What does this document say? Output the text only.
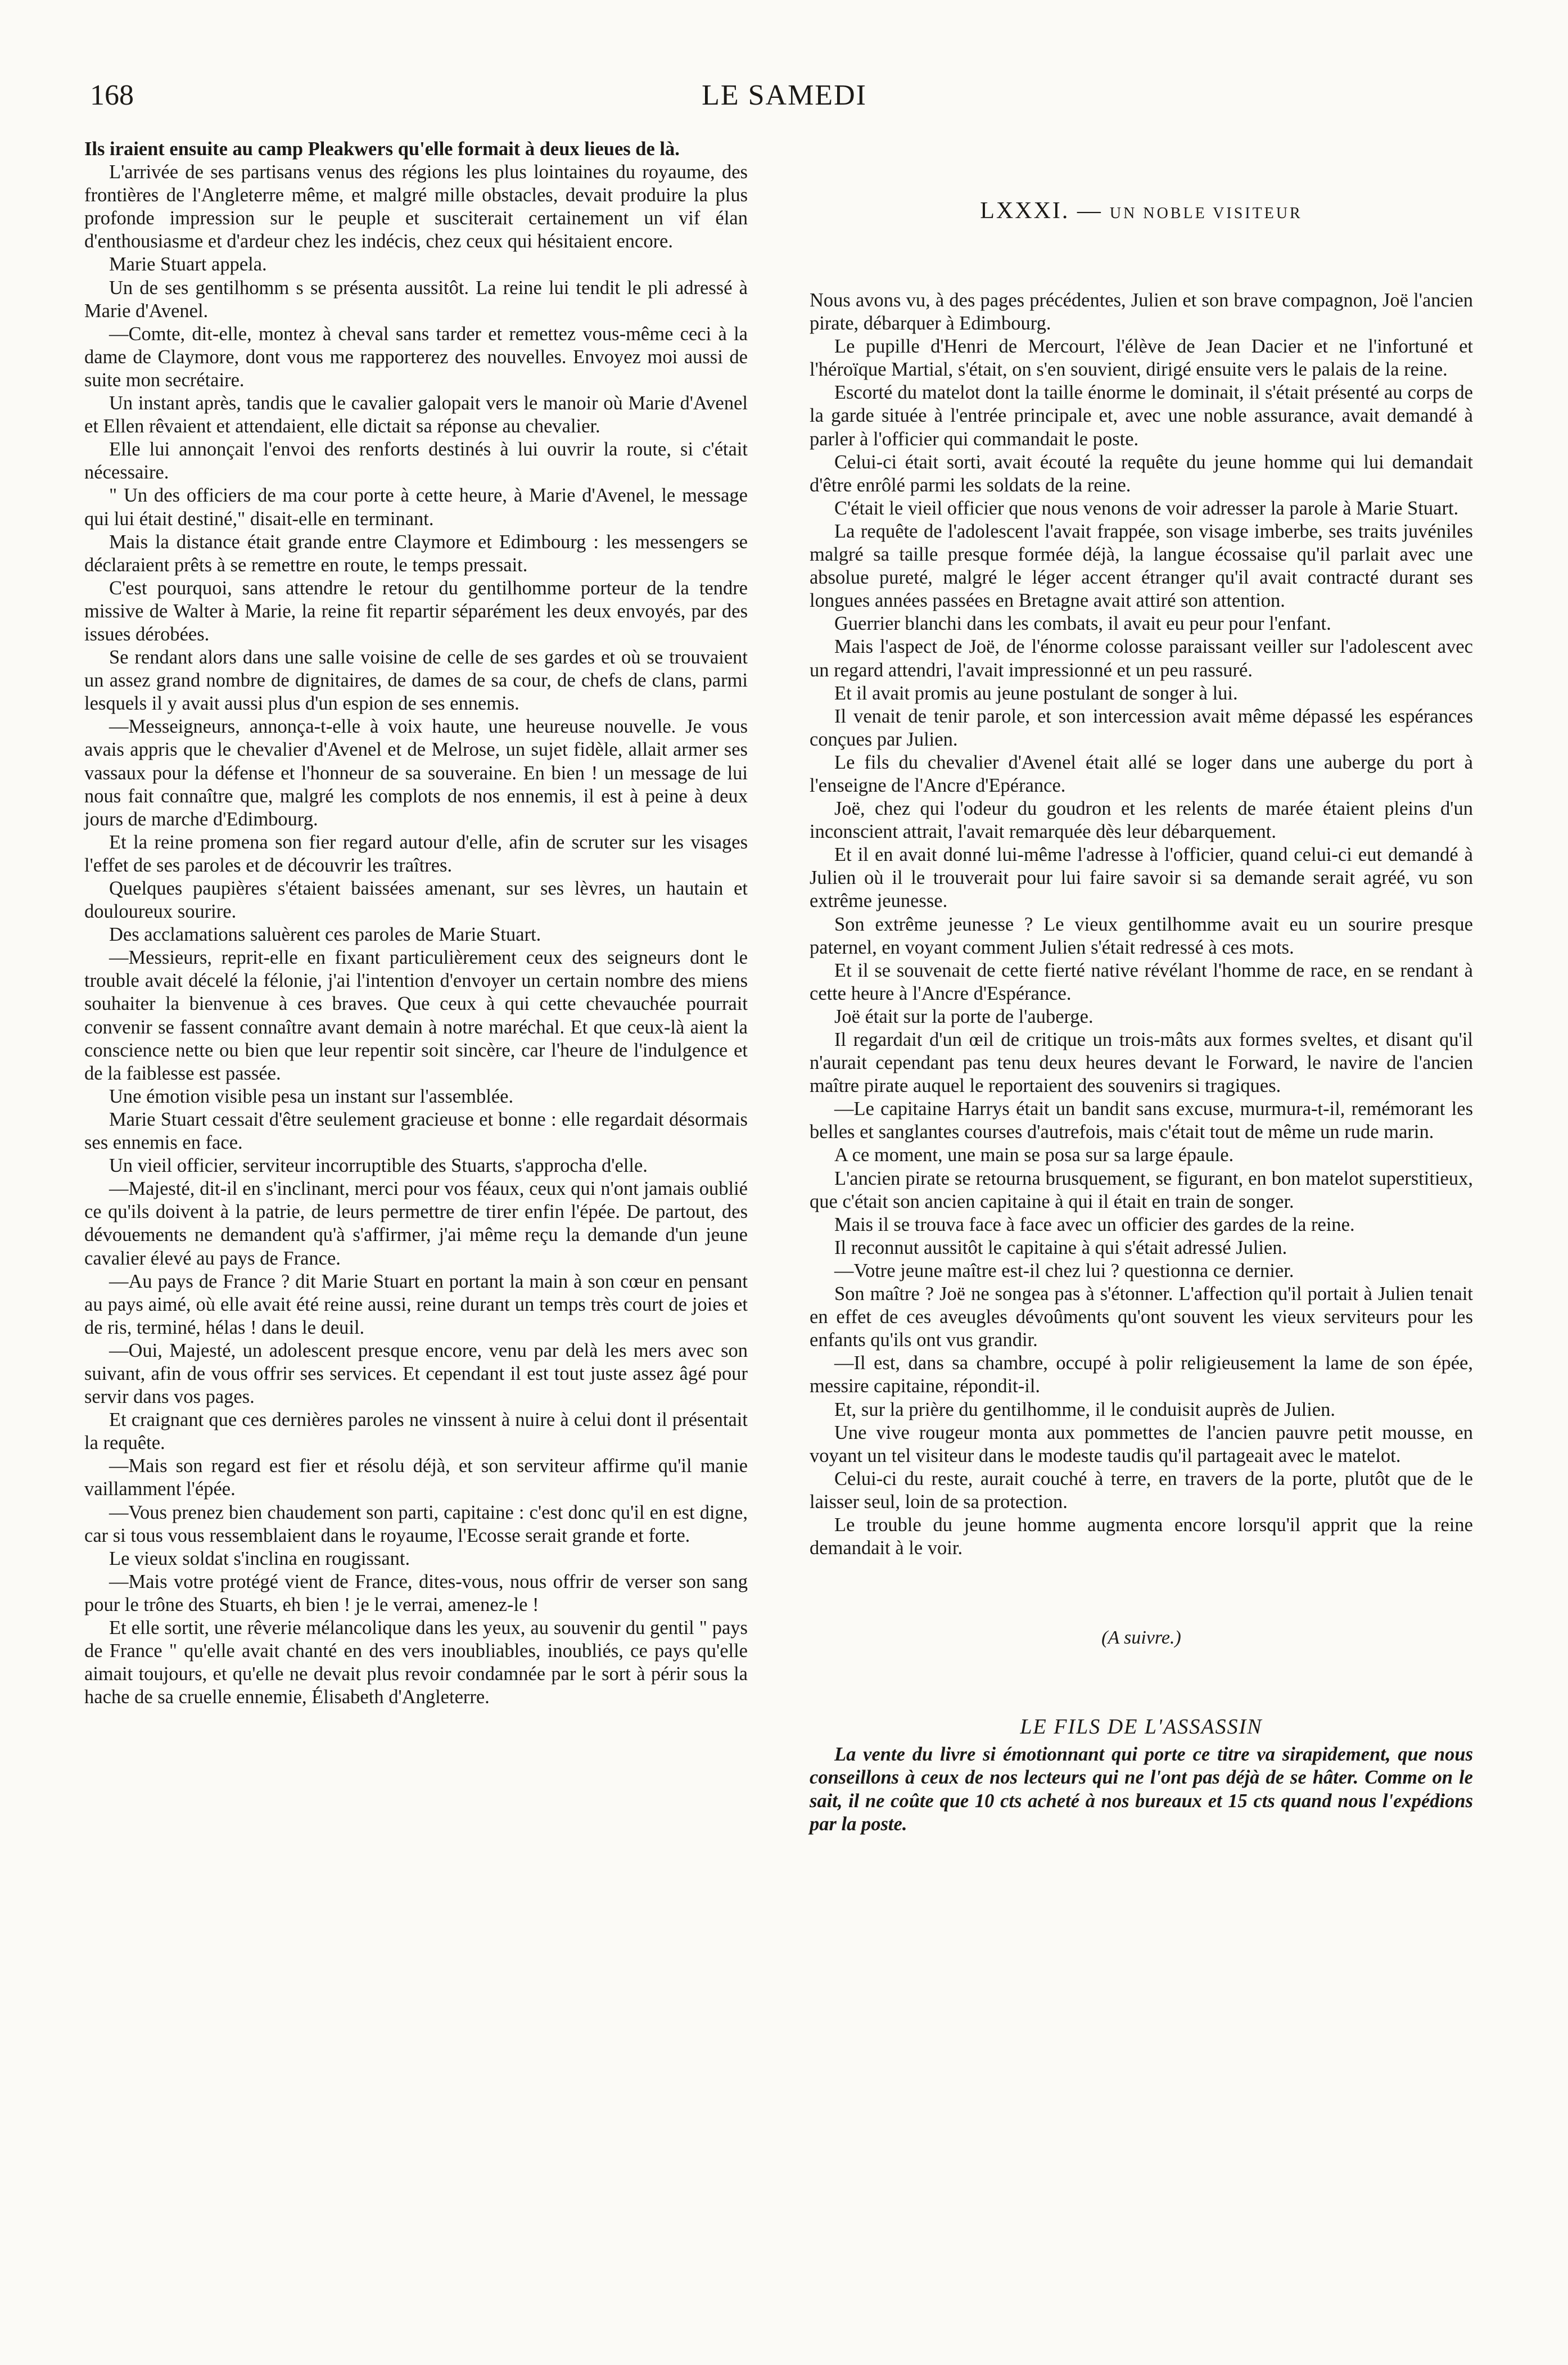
168	LE SAMEDI

Ils iraient ensuite au camp Pleakwers qu'elle formait à deux lieues de là.

L'arrivée de ses partisans venus des régions les plus lointaines du royaume, des frontières de l'Angleterre même, et malgré mille obstacles, devait produire la plus profonde impression sur le peuple et susciterait certainement un vif élan d'enthousiasme et d'ardeur chez les indécis, chez ceux qui hésitaient encore.

Marie Stuart appela.

Un de ses gentilhomm s se présenta aussitôt. La reine lui tendit le pli adressé à Marie d'Avenel.

—Comte, dit-elle, montez à cheval sans tarder et remettez vous-même ceci à la dame de Claymore, dont vous me rapporterez des nouvelles. Envoyez moi aussi de suite mon secrétaire.

Un instant après, tandis que le cavalier galopait vers le manoir où Marie d'Avenel et Ellen rêvaient et attendaient, elle dictait sa réponse au chevalier.

Elle lui annonçait l'envoi des renforts destinés à lui ouvrir la route, si c'était nécessaire.

" Un des officiers de ma cour porte à cette heure, à Marie d'Avenel, le message qui lui était destiné," disait-elle en terminant.

Mais la distance était grande entre Claymore et Edimbourg : les messengers se déclaraient prêts à se remettre en route, le temps pressait.

C'est pourquoi, sans attendre le retour du gentilhomme porteur de la tendre missive de Walter à Marie, la reine fit repartir séparément les deux envoyés, par des issues dérobées.

Se rendant alors dans une salle voisine de celle de ses gardes et où se trouvaient un assez grand nombre de dignitaires, de dames de sa cour, de chefs de clans, parmi lesquels il y avait aussi plus d'un espion de ses ennemis.

—Messeigneurs, annonça-t-elle à voix haute, une heureuse nouvelle. Je vous avais appris que le chevalier d'Avenel et de Melrose, un sujet fidèle, allait armer ses vassaux pour la défense et l'honneur de sa souveraine. En bien ! un message de lui nous fait connaître que, malgré les complots de nos ennemis, il est à peine à deux jours de marche d'Edimbourg.

Et la reine promena son fier regard autour d'elle, afin de scruter sur les visages l'effet de ses paroles et de découvrir les traîtres.

Quelques paupières s'étaient baissées amenant, sur ses lèvres, un hautain et douloureux sourire.

Des acclamations saluèrent ces paroles de Marie Stuart.

—Messieurs, reprit-elle en fixant particulièrement ceux des seigneurs dont le trouble avait décelé la félonie, j'ai l'intention d'envoyer un certain nombre des miens souhaiter la bienvenue à ces braves. Que ceux à qui cette chevauchée pourrait convenir se fassent connaître avant demain à notre maréchal. Et que ceux-là aient la conscience nette ou bien que leur repentir soit sincère, car l'heure de l'indulgence et de la faiblesse est passée.

Une émotion visible pesa un instant sur l'assemblée.

Marie Stuart cessait d'être seulement gracieuse et bonne : elle regardait désormais ses ennemis en face.

Un vieil officier, serviteur incorruptible des Stuarts, s'approcha d'elle.

—Majesté, dit-il en s'inclinant, merci pour vos féaux, ceux qui n'ont jamais oublié ce qu'ils doivent à la patrie, de leurs permettre de tirer enfin l'épée. De partout, des dévouements ne demandent qu'à s'affirmer, j'ai même reçu la demande d'un jeune cavalier élevé au pays de France.

—Au pays de France ? dit Marie Stuart en portant la main à son cœur en pensant au pays aimé, où elle avait été reine aussi, reine durant un temps très court de joies et de ris, terminé, hélas ! dans le deuil.

—Oui, Majesté, un adolescent presque encore, venu par delà les mers avec son suivant, afin de vous offrir ses services. Et cependant il est tout juste assez âgé pour servir dans vos pages.

Et craignant que ces dernières paroles ne vinssent à nuire à celui dont il présentait la requête.

—Mais son regard est fier et résolu déjà, et son serviteur affirme qu'il manie vaillamment l'épée.

—Vous prenez bien chaudement son parti, capitaine : c'est donc qu'il en est digne, car si tous vous ressemblaient dans le royaume, l'Ecosse serait grande et forte.

Le vieux soldat s'inclina en rougissant.

—Mais votre protégé vient de France, dites-vous, nous offrir de verser son sang pour le trône des Stuarts, eh bien ! je le verrai, amenez-le !

Et elle sortit, une rêverie mélancolique dans les yeux, au souvenir du gentil " pays de France " qu'elle avait chanté en des vers inoubliables, inoubliés, ce pays qu'elle aimait toujours, et qu'elle ne devait plus revoir condamnée par le sort à périr sous la hache de sa cruelle ennemie, Élisabeth d'Angleterre.

LXXXI. — UN NOBLE VISITEUR

Nous avons vu, à des pages précédentes, Julien et son brave compagnon, Joë l'ancien pirate, débarquer à Edimbourg.

Le pupille d'Henri de Mercourt, l'élève de Jean Dacier et ne l'infortuné et l'héroïque Martial, s'était, on s'en souvient, dirigé ensuite vers le palais de la reine.

Escorté du matelot dont la taille énorme le dominait, il s'était présenté au corps de la garde située à l'entrée principale et, avec une noble assurance, avait demandé à parler à l'officier qui commandait le poste.

Celui-ci était sorti, avait écouté la requête du jeune homme qui lui demandait d'être enrôlé parmi les soldats de la reine.

C'était le vieil officier que nous venons de voir adresser la parole à Marie Stuart.

La requête de l'adolescent l'avait frappée, son visage imberbe, ses traits juvéniles malgré sa taille presque formée déjà, la langue écossaise qu'il parlait avec une absolue pureté, malgré le léger accent étranger qu'il avait contracté durant ses longues années passées en Bretagne avait attiré son attention.

Guerrier blanchi dans les combats, il avait eu peur pour l'enfant.

Mais l'aspect de Joë, de l'énorme colosse paraissant veiller sur l'adolescent avec un regard attendri, l'avait impressionné et un peu rassuré.

Et il avait promis au jeune postulant de songer à lui.

Il venait de tenir parole, et son intercession avait même dépassé les espérances conçues par Julien.

Le fils du chevalier d'Avenel était allé se loger dans une auberge du port à l'enseigne de l'Ancre d'Epérance.

Joë, chez qui l'odeur du goudron et les relents de marée étaient pleins d'un inconscient attrait, l'avait remarquée dès leur débarquement.

Et il en avait donné lui-même l'adresse à l'officier, quand celui-ci eut demandé à Julien où il le trouverait pour lui faire savoir si sa demande serait agréé, vu son extrême jeunesse.

Son extrême jeunesse ? Le vieux gentilhomme avait eu un sourire presque paternel, en voyant comment Julien s'était redressé à ces mots.

Et il se souvenait de cette fierté native révélant l'homme de race, en se rendant à cette heure à l'Ancre d'Espérance.

Joë était sur la porte de l'auberge.

Il regardait d'un œil de critique un trois-mâts aux formes sveltes, et disant qu'il n'aurait cependant pas tenu deux heures devant le Forward, le navire de l'ancien maître pirate auquel le reportaient des souvenirs si tragiques.

—Le capitaine Harrys était un bandit sans excuse, murmura-t-il, remémorant les belles et sanglantes courses d'autrefois, mais c'était tout de même un rude marin.

A ce moment, une main se posa sur sa large épaule.

L'ancien pirate se retourna brusquement, se figurant, en bon matelot superstitieux, que c'était son ancien capitaine à qui il était en train de songer.

Mais il se trouva face à face avec un officier des gardes de la reine.

Il reconnut aussitôt le capitaine à qui s'était adressé Julien.

—Votre jeune maître est-il chez lui ? questionna ce dernier.

Son maître ? Joë ne songea pas à s'étonner. L'affection qu'il portait à Julien tenait en effet de ces aveugles dévoûments qu'ont souvent les vieux serviteurs pour les enfants qu'ils ont vus grandir.

—Il est, dans sa chambre, occupé à polir religieusement la lame de son épée, messire capitaine, répondit-il.

Et, sur la prière du gentilhomme, il le conduisit auprès de Julien.

Une vive rougeur monta aux pommettes de l'ancien pauvre petit mousse, en voyant un tel visiteur dans le modeste taudis qu'il partageait avec le matelot.

Celui-ci du reste, aurait couché à terre, en travers de la porte, plutôt que de le laisser seul, loin de sa protection.

Le trouble du jeune homme augmenta encore lorsqu'il apprit que la reine demandait à le voir.

(A suivre.)
LE FILS DE L'ASSASSIN

La vente du livre si émotionnant qui porte ce titre va sirapidement, que nous conseillons à ceux de nos lecteurs qui ne l'ont pas déjà de se hâter. Comme on le sait, il ne coûte que 10 cts acheté à nos bureaux et 15 cts quand nous l'expédions par la poste.
